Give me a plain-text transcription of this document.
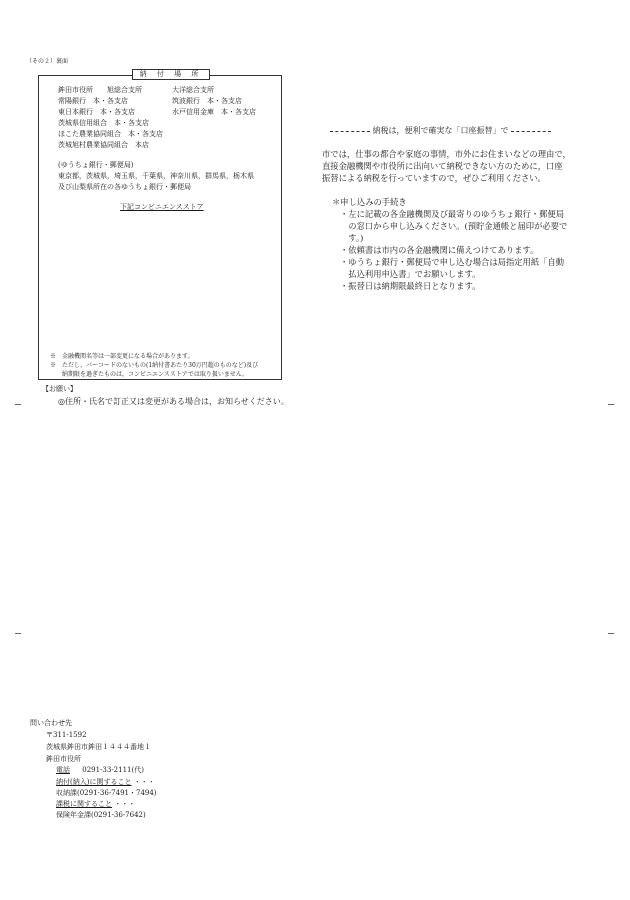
（その２）裏面
納 付 場 所
鉾田市役所　　旭総合支所	大洋総合支所
常陽銀行　本・各支店	筑波銀行　本・各支店
東日本銀行　本・各支店	水戸信用金庫　本・各支店
茨城県信用組合　本・各支店
ほこた農業協同組合　本・各支店
茨城旭村農業協同組合　本店
(ゆうちょ銀行・郵便局)
東京都，茨城県，埼玉県，千葉県，神奈川県，群馬県，栃木県
及び山梨県所在の各ゆうちょ銀行・郵便局
下記コンビニエンスストア
※　金融機関名等は一部変更になる場合があります。
※　ただし、バーコードのないもの(1納付書あたり30万円超のものなど)及び
　　納期限を過ぎたものは，コンビニエンスストアでは取り扱いません。
【お願い】
◎住所・氏名で訂正又は変更がある場合は，お知らせください。
納税は，便利で確実な「口座振替」で
市では，仕事の都合や家庭の事情，市外にお住まいなどの理由で，
直接金融機関や市役所に出向いて納税できない方のために，口座
振替による納税を行っていますので，ぜひご利用ください。
＊申し込みの手続き
・左に記載の各金融機関及び最寄りのゆうちょ銀行・郵便局
　の窓口から申し込みください。(預貯金通帳と届印が必要で
　す。)
・依頼書は市内の各金融機関に備えつけてあります。
・ゆうちょ銀行・郵便局で申し込む場合は局指定用紙「自動
　払込利用申込書」でお願いします。
・振替日は納期限最終日となります。
問い合わせ先
〒311-1592
茨城県鉾田市鉾田１４４４番地１
鉾田市役所
電話 0291-33-2111(代)
納付(納入)に関すること ・・・
収納課(0291-36-7491・7494)
課税に関すること ・・・
保険年金課(0291-36-7642)
